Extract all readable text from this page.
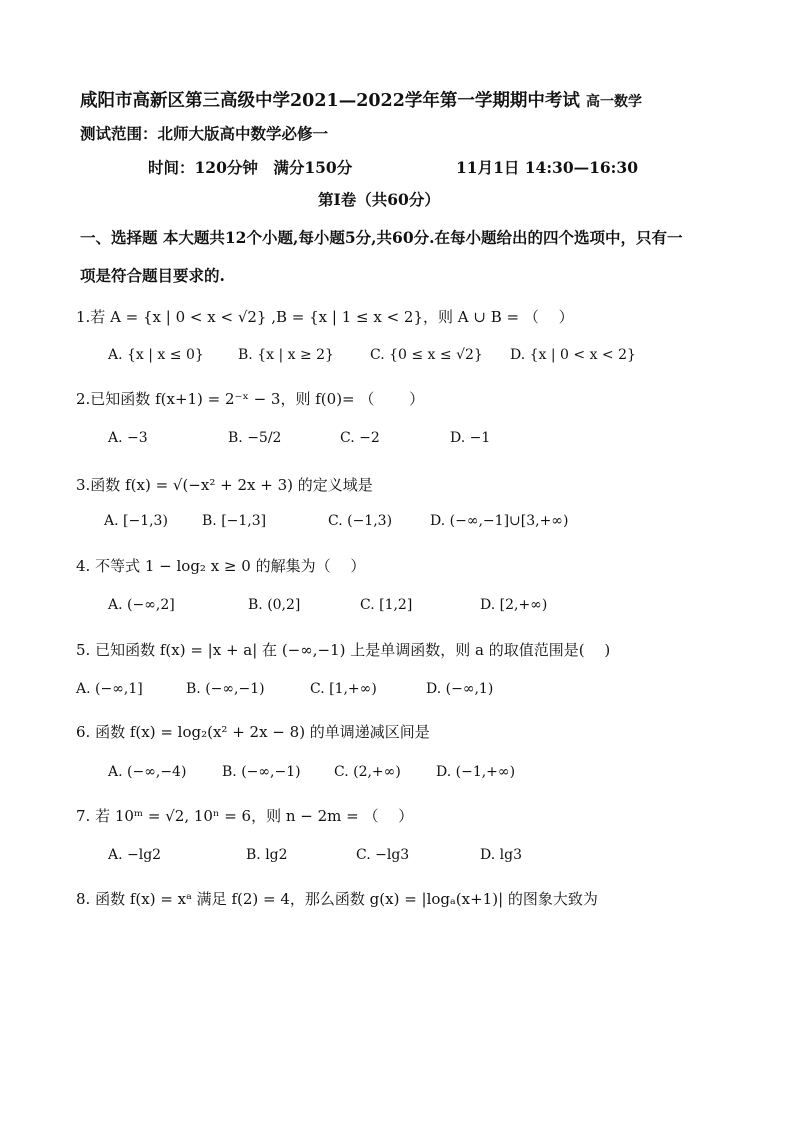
咸阳市高新区第三高级中学2021—2022学年第一学期期中考试 高一数学
测试范围：北师大版高中数学必修一
时间：120分钟　满分150分	11月1日 14:30—16:30
第Ⅰ卷（共60分）
一、选择题 本大题共12个小题,每小题5分,共60分.在每小题给出的四个选项中，只有一
项是符合题目要求的.
1.若 A = {x | 0 < x < √2} ,B = {x | 1 ≤ x < 2}，则 A ∪ B = （　 ）
A. {x | x ≤ 0} B. {x | x ≥ 2}	C. {0 ≤ x ≤ √2} D. {x | 0 < x < 2}
2.已知函数 f(x+1) = 2⁻ˣ − 3，则 f(0)= （　　 ）
A. −3	B. −5/2	C. −2	D. −1
3.函数 f(x) = √(−x² + 2x + 3) 的定义域是
A. [−1,3) B. [−1,3]	C. (−1,3)	D. (−∞,−1]∪[3,+∞)
4. 不等式 1 − log₂ x ≥ 0 的解集为（　 ）
A. (−∞,2]	B. (0,2]	C. [1,2]	D. [2,+∞)
5. 已知函数 f(x) = |x + a| 在 (−∞,−1) 上是单调函数，则 a 的取值范围是(　 )
A. (−∞,1]	B. (−∞,−1)	C. [1,+∞)	D. (−∞,1)
6. 函数 f(x) = log₂(x² + 2x − 8) 的单调递减区间是
A. (−∞,−4)	B. (−∞,−1) C. (2,+∞)	D. (−1,+∞)
7. 若 10ᵐ = √2, 10ⁿ = 6，则 n − 2m = （　 ）
A. −lg2	B. lg2	C. −lg3	D. lg3
8. 函数 f(x) = xᵃ 满足 f(2) = 4，那么函数 g(x) = |logₐ(x+1)| 的图象大致为
